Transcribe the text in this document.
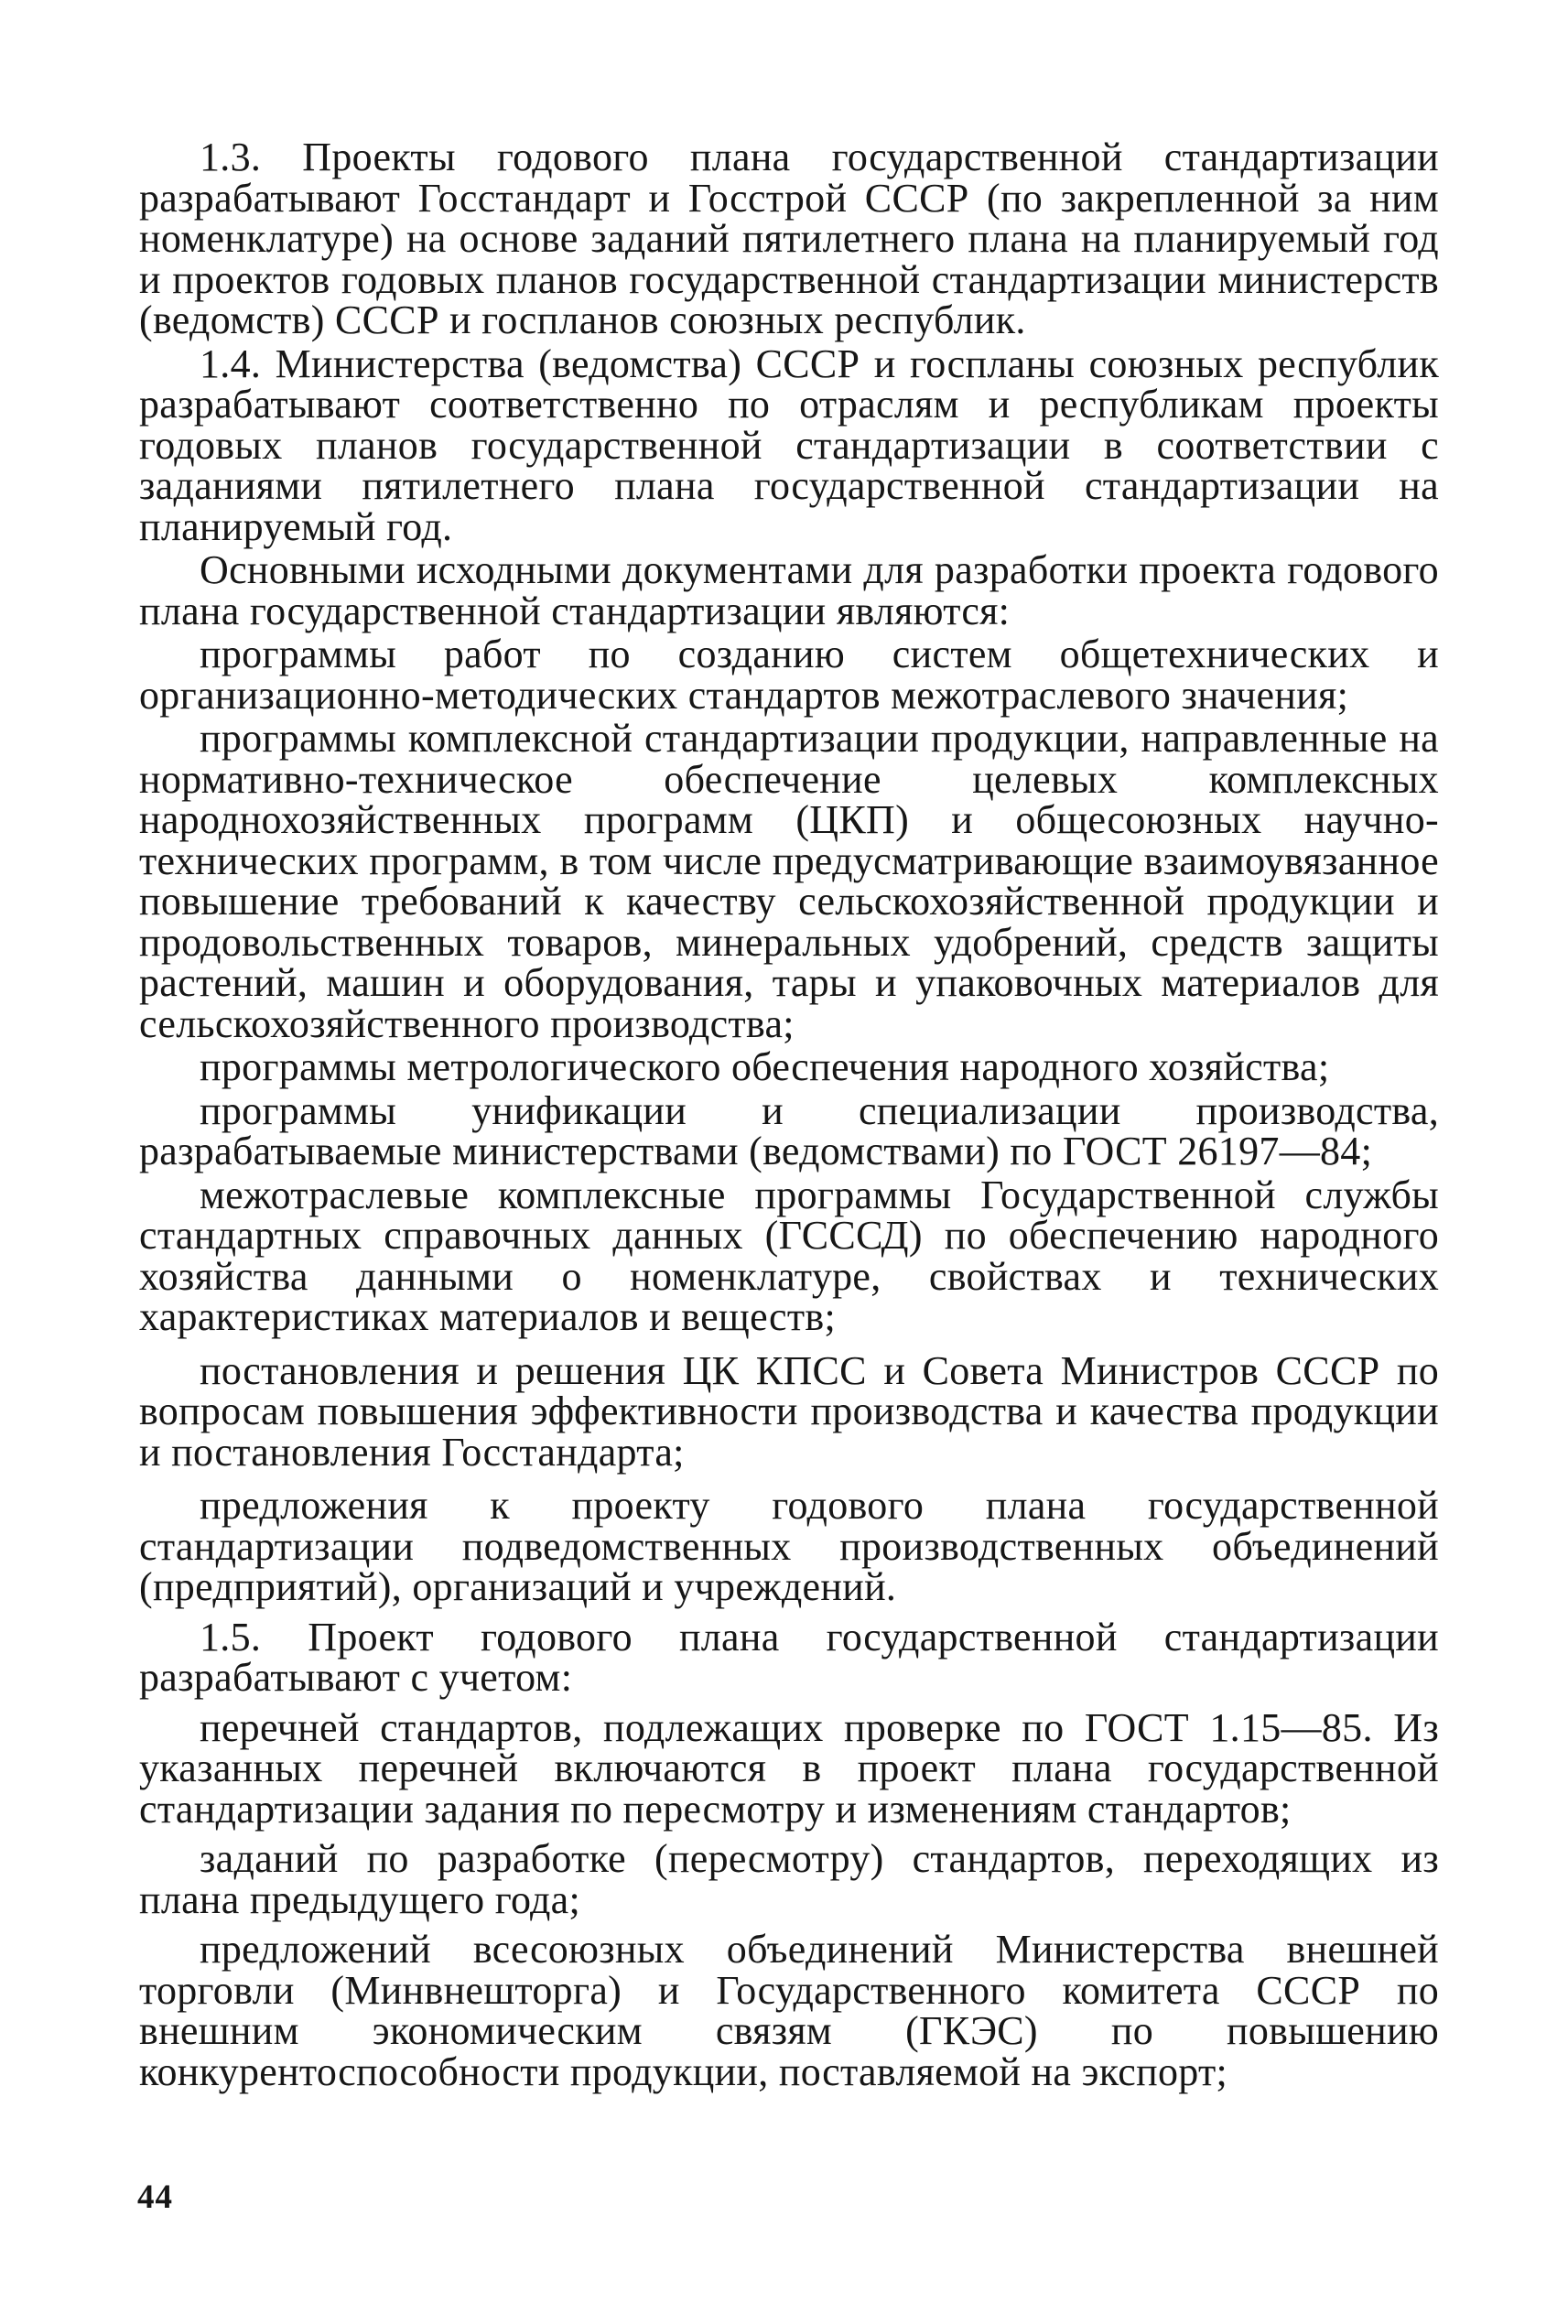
1.3. Проекты годового плана государственной стандартизации разрабатывают Госстандарт и Госстрой СССР (по закрепленной за ним номенклатуре) на основе заданий пятилетнего плана на планируемый год и проектов годовых планов государственной стандартизации министерств (ведомств) СССР и госпланов союзных республик.

1.4. Министерства (ведомства) СССР и госпланы союзных республик разрабатывают соответственно по отраслям и республикам проекты годовых планов государственной стандартизации в соответствии с заданиями пятилетнего плана государственной стандартизации на планируемый год.

Основными исходными документами для разработки проекта годового плана государственной стандартизации являются:

программы работ по созданию систем общетехнических и организационно-методических стандартов межотраслевого значения;

программы комплексной стандартизации продукции, направленные на нормативно-техническое обеспечение целевых комплексных народнохозяйственных программ (ЦКП) и общесоюзных научно-технических программ, в том числе предусматривающие взаимоувязанное повышение требований к качеству сельскохозяйственной продукции и продовольственных товаров, минеральных удобрений, средств защиты растений, машин и оборудования, тары и упаковочных материалов для сельскохозяйственного производства;

программы метрологического обеспечения народного хозяйства;

программы унификации и специализации производства, разрабатываемые министерствами (ведомствами) по ГОСТ 26197—84;

межотраслевые комплексные программы Государственной службы стандартных справочных данных (ГСССД) по обеспечению народного хозяйства данными о номенклатуре, свойствах и технических характеристиках материалов и веществ;

постановления и решения ЦК КПСС и Совета Министров СССР по вопросам повышения эффективности производства и качества продукции и постановления Госстандарта;

предложения к проекту годового плана государственной стандартизации подведомственных производственных объединений (предприятий), организаций и учреждений.

1.5. Проект годового плана государственной стандартизации разрабатывают с учетом:

перечней стандартов, подлежащих проверке по ГОСТ 1.15—85. Из указанных перечней включаются в проект плана государственной стандартизации задания по пересмотру и изменениям стандартов;

заданий по разработке (пересмотру) стандартов, переходящих из плана предыдущего года;

предложений всесоюзных объединений Министерства внешней торговли (Минвнешторга) и Государственного комитета СССР по внешним экономическим связям (ГКЭС) по повышению конкурентоспособности продукции, поставляемой на экспорт;

44
